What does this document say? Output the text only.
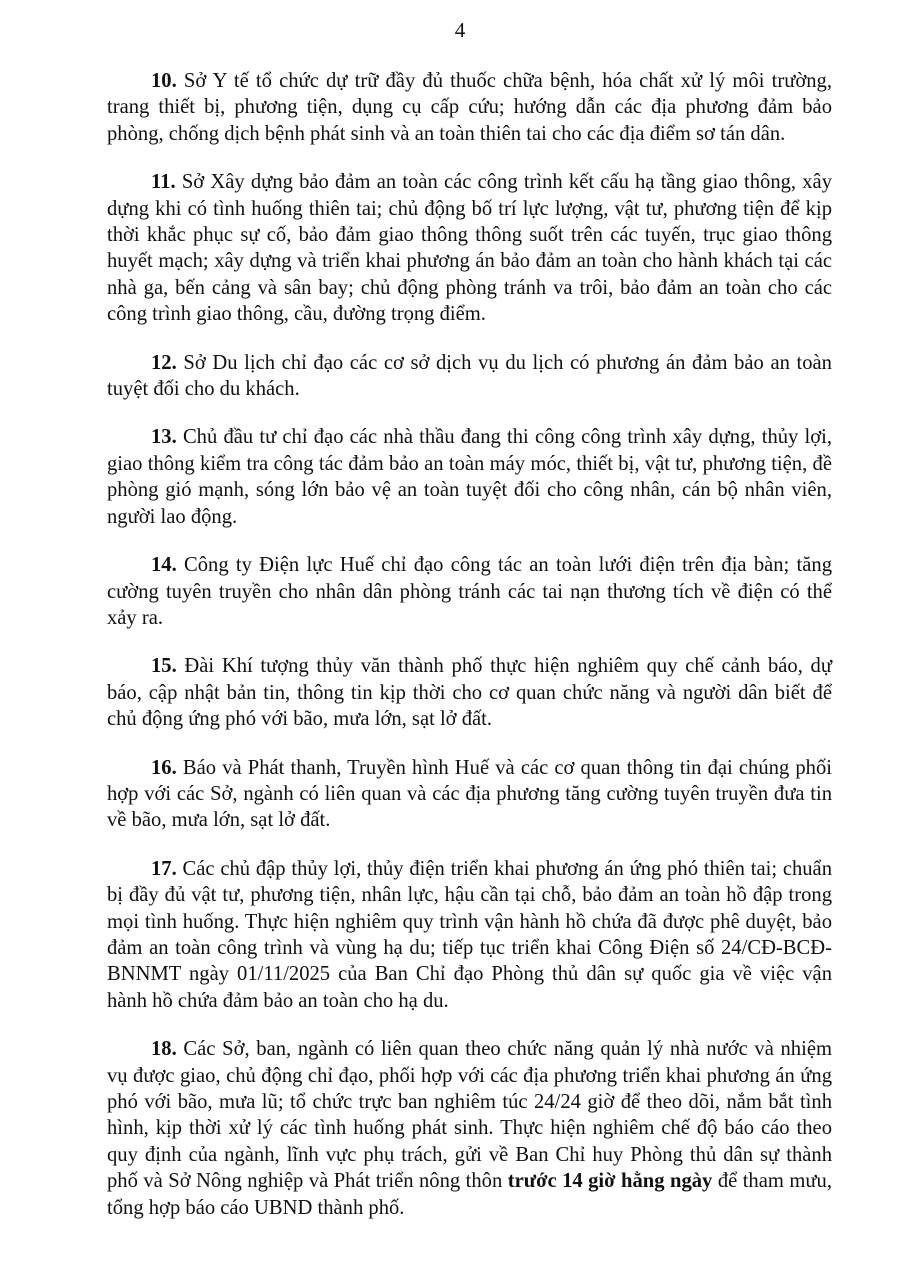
4

10. Sở Y tế tổ chức dự trữ đầy đủ thuốc chữa bệnh, hóa chất xử lý môi trường, trang thiết bị, phương tiện, dụng cụ cấp cứu; hướng dẫn các địa phương đảm bảo phòng, chống dịch bệnh phát sinh và an toàn thiên tai cho các địa điểm sơ tán dân.

11. Sở Xây dựng bảo đảm an toàn các công trình kết cấu hạ tầng giao thông, xây dựng khi có tình huống thiên tai; chủ động bố trí lực lượng, vật tư, phương tiện để kịp thời khắc phục sự cố, bảo đảm giao thông thông suốt trên các tuyến, trục giao thông huyết mạch; xây dựng và triển khai phương án bảo đảm an toàn cho hành khách tại các nhà ga, bến cảng và sân bay; chủ động phòng tránh va trôi, bảo đảm an toàn cho các công trình giao thông, cầu, đường trọng điểm.

12. Sở Du lịch chỉ đạo các cơ sở dịch vụ du lịch có phương án đảm bảo an toàn tuyệt đối cho du khách.

13. Chủ đầu tư chỉ đạo các nhà thầu đang thi công công trình xây dựng, thủy lợi, giao thông kiểm tra công tác đảm bảo an toàn máy móc, thiết bị, vật tư, phương tiện, đề phòng gió mạnh, sóng lớn bảo vệ an toàn tuyệt đối cho công nhân, cán bộ nhân viên, người lao động.

14. Công ty Điện lực Huế chỉ đạo công tác an toàn lưới điện trên địa bàn; tăng cường tuyên truyền cho nhân dân phòng tránh các tai nạn thương tích về điện có thể xảy ra.

15. Đài Khí tượng thủy văn thành phố thực hiện nghiêm quy chế cảnh báo, dự báo, cập nhật bản tin, thông tin kịp thời cho cơ quan chức năng và người dân biết để chủ động ứng phó với bão, mưa lớn, sạt lở đất.

16. Báo và Phát thanh, Truyền hình Huế và các cơ quan thông tin đại chúng phối hợp với các Sở, ngành có liên quan và các địa phương tăng cường tuyên truyền đưa tin về bão, mưa lớn, sạt lở đất.

17. Các chủ đập thủy lợi, thủy điện triển khai phương án ứng phó thiên tai; chuẩn bị đầy đủ vật tư, phương tiện, nhân lực, hậu cần tại chỗ, bảo đảm an toàn hồ đập trong mọi tình huống. Thực hiện nghiêm quy trình vận hành hồ chứa đã được phê duyệt, bảo đảm an toàn công trình và vùng hạ du; tiếp tục triển khai Công Điện số 24/CĐ-BCĐ-BNNMT ngày 01/11/2025 của Ban Chỉ đạo Phòng thủ dân sự quốc gia về việc vận hành hồ chứa đảm bảo an toàn cho hạ du.

18. Các Sở, ban, ngành có liên quan theo chức năng quản lý nhà nước và nhiệm vụ được giao, chủ động chỉ đạo, phối hợp với các địa phương triển khai phương án ứng phó với bão, mưa lũ; tổ chức trực ban nghiêm túc 24/24 giờ để theo dõi, nắm bắt tình hình, kịp thời xử lý các tình huống phát sinh. Thực hiện nghiêm chế độ báo cáo theo quy định của ngành, lĩnh vực phụ trách, gửi về Ban Chỉ huy Phòng thủ dân sự thành phố và Sở Nông nghiệp và Phát triển nông thôn trước 14 giờ hằng ngày để tham mưu, tổng hợp báo cáo UBND thành phố.
